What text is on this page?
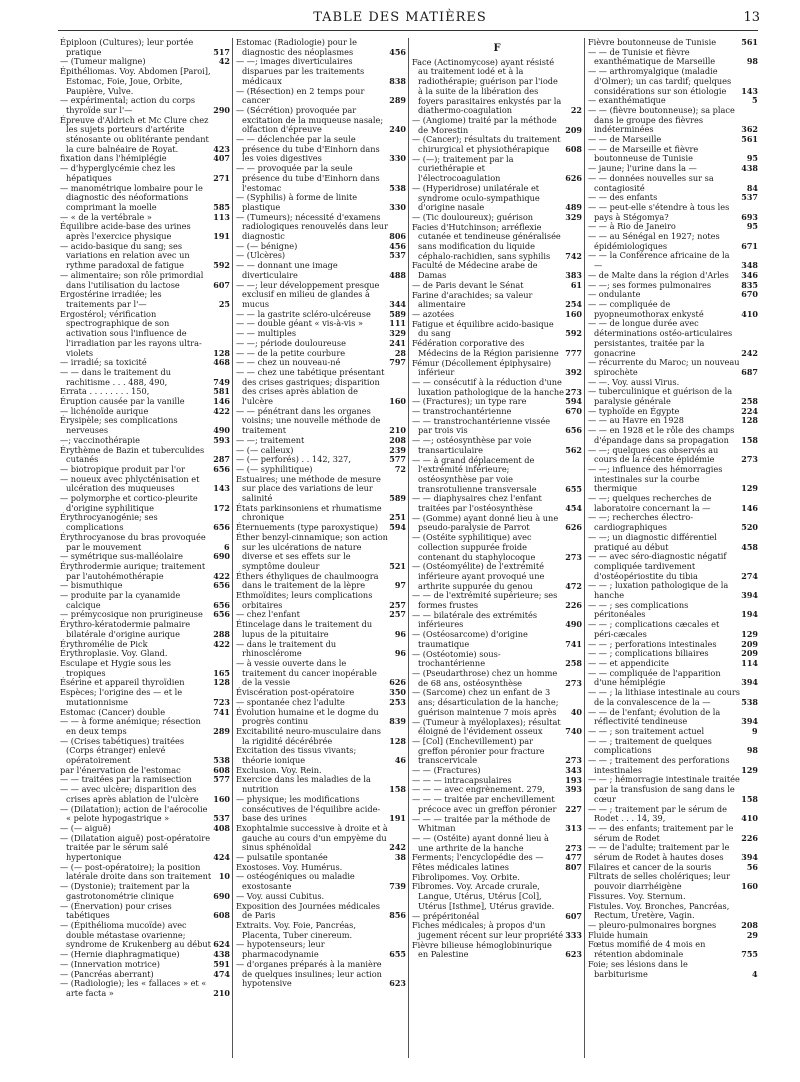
TABLE DES MATIÈRES	13
Épiploon (Cultures); leur portée pratique	517
— (Tumeur maligne)	42
Épithéliomas. Voy. Abdomen [Paroi], Estomac, Foie, Joue, Orbite, Paupière, Vulve.
— expérimental; action du corps thyroïde sur l'—	290
Épreuve d'Aldrich et Mc Clure chez les sujets porteurs d'artérite sténosante ou oblitérante pendant la cure balnéaire de Royat.	423
fixation dans l'hémiplégie	407
— d'hyperglycémie chez les hépatiques	271
— manométrique lombaire pour le diagnostic des néoformations comprimant la moelle	585
— « de la vertébrale »	113
Équilibre acide-base des urines après l'exercice physique	191
— acido-basique du sang; ses variations en relation avec un rythme paradoxal de fatigue	592
— alimentaire; son rôle primordial dans l'utilisation du lactose	607
Ergostérine irradiée; les traitements par l'—	25
Ergostérol; vérification spectrographique de son activation sous l'influence de l'irradiation par les rayons ultra-violets	128
— irradié; sa toxicité	468
— — dans le traitement du rachitisme . . . 488, 490,	749
Errata . . . . . . . . 150,	581
Éruption causée par la vanille	146
— lichénoïde aurique	422
Érysipèle; ses complications nerveuses	490
—; vaccinothérapie	593
Érythème de Bazin et tuberculides cutanés	287
— biotropique produit par l'or	656
— noueux avec phlycténisation et ulcération des muqueuses	143
— polymorphe et cortico-pleurite d'origine syphilitique	172
Érythrocyanogénie; ses complications	656
Érythrocyanose du bras provoquée par le mouvement	6
— symétrique sus-malléolaire	690
Érythrodermie aurique; traitement par l'autohémothérapie	422
— bismuthique	656
— produite par la cyanamide calcique	656
— prémycosique non prurigineuse 656
Érythro-kératodermie palmaire bilatérale d'origine aurique	288
Érythromélie de Pick	422
Érythroplasie. Voy. Gland.
Esculape et Hygie sous les tropiques	165
Ésérine et appareil thyroïdien	128
Espèces; l'origine des — et le mutationnisme	723
Estomac (Cancer) double	741
— — à forme anémique; résection en deux temps	289
— (Crises tabétiques) traitées (Corps étranger) enlevé opératoirement	538
par l'énervation de l'estomac	608
— — traitées par la ramisection	577
— — avec ulcère; disparition des crises après ablation de l'ulcère 160
— (Dilatation); action de l'aérocolie « pelote hypogastrique »	537
— (— aiguë)	408
— (Dilatation aiguë) post-opératoire traitée par le sérum salé hypertonique	424
— (— post-opératoire); la position latérale droite dans son traitement 10
— (Dystonie); traitement par la gastrotonométrie clinique	690
— (Énervation) pour crises tabétiques	608
— (Épithélioma mucoïde) avec double métastase ovarienne; syndrome de Krukenberg au début 624
— (Hernie diaphragmatique)	438
— (Innervation motrice)	591
— (Pancréas aberrant)	474
— (Radiologie); les « fallaces » et « arte facta »	210
Estomac (Radiologie) pour le diagnostic des néoplasmes	456
— —; images diverticulaires disparues par les traitements médicaux	838
— (Résection) en 2 temps pour cancer	289
— (Sécrétion) provoquée par excitation de la muqueuse nasale; olfaction d'épreuve	240
— — déclenchée par la seule présence du tube d'Einhorn dans les voies digestives	330
— — provoquée par la seule présence du tube d'Einhorn dans l'estomac	538
— (Syphilis) à forme de linite plastique	330
— (Tumeurs); nécessité d'examens radiologiques renouvelés dans leur diagnostic	806
— (— bénigne)	456
— (Ulcères)	537
— — donnant une image diverticulaire	488
— —; leur développement presque exclusif en milieu de glandes à mucus	344
— — la gastrite scléro-ulcéreuse 589
— — double géant « vis-à-vis »	111
— — multiples	329
— —; période douloureuse	241
— — de la petite courbure	28
— — chez un nouveau-né	797
— — chez une tabétique présentant des crises gastriques; disparition des crises après ablation de l'ulcère	160
— — pénétrant dans les organes voisins; une nouvelle méthode de traitement	210
— —; traitement	208
— (— calleux)	239
— (— perforés) . . 142, 327,	577
— (— syphilitique)	72
Estuaires; une méthode de mesure sur place des variations de leur salinité	589
États parkinsoniens et rhumatisme chronique	251
Éternuements (type paroxystique) 594
Éther benzyl-cinnamique; son action sur les ulcérations de nature diverse et ses effets sur le symptôme douleur	521
Éthers éthyliques de chaulmoogra dans le traitement de la lèpre	97
Ethmoïdites; leurs complications orbitaires	257
— chez l'enfant	257
Étincelage dans le traitement du lupus de la pituitaire	96
— dans le traitement du rhinosclérome	96
— à vessie ouverte dans le traitement du cancer inopérable de la vessie	626
Éviscération post-opératoire	350
— spontanée chez l'adulte	253
Évolution humaine et le dogme du progrès continu	839
Excitabilité neuro-musculaire dans la rigidité décérébrée	128
Excitation des tissus vivants; théorie ionique	46
Exclusion. Voy. Rein.
Exercice dans les maladies de la nutrition	158
— physique; les modifications consécutives de l'équilibre acide-base des urines	191
Exophtalmie successive à droite et à gauche au cours d'un empyème du sinus sphénoïdal	242
— pulsatile spontanée	38
Exostoses. Voy. Humérus.
— ostéogéniques ou maladie exostosante	739
— Voy. aussi Cubitus.
Exposition des Journées médicales de Paris	856
Extraits. Voy. Foie, Pancréas, Placenta, Tuber cinereum.
— hypotenseurs; leur pharmacodynamie	655
— d'organes préparés à la manière de quelques insulines; leur action hypotensive	623
F
Face (Actinomycose) ayant résisté au traitement iodé et à la radiothérapie; guérison par l'iode à la suite de la libération des foyers parasitaires enkystés par la diathermo-coagulation	22
— (Angiome) traité par la méthode de Morestin	209
— (Cancer); résultats du traitement chirurgical et physiothérapique 608
— (—); traitement par la curiethérapie et l'électrocoagulation	626
— (Hyperidrose) unilatérale et syndrome oculo-sympathique d'origine nasale	489
— (Tic douloureux); guérison	329
Facies d'Hutchinson; arréflexie cutanée et tendineuse généralisée sans modification du liquide céphalo-rachidien, sans syphilis 742
Faculté de Médecine arabe de Damas	383
— de Paris devant le Sénat	61
Farine d'arachides; sa valeur alimentaire	254
— azotées	160
Fatigue et équilibre acido-basique du sang	592
Fédération corporative des Médecins de la Région parisienne 777
Fémur (Décollement épiphysaire) inférieur	392
— — consécutif à la réduction d'une luxation pathologique de la hanche 273
— (Fractures); un type rare	594
— transtrochantérienne	670
— — transtrochantérienne vissée par trois vis	656
— —; ostéosynthèse par voie transarticulaire	562
— — à grand déplacement de l'extrémité inférieure; ostéosynthèse par voie transrotulienne transversale	655
— — diaphysaires chez l'enfant traitées par l'ostéosynthèse	454
— (Gomme) ayant donné lieu à une pseudo-paralysie de Parrot	626
— (Ostéite syphilitique) avec collection suppurée froide contenant du staphylocoque	273
— (Ostéomyélite) de l'extrémité inférieure ayant provoqué une arthrite suppurée du genou	472
— — de l'extrémité supérieure; ses formes frustes	226
— — bilatérale des extrémités inférieures	490
— (Ostéosarcome) d'origine traumatique	741
— (Ostéotomie) sous-trochantérienne	258
— (Pseudarthrose) chez un homme de 68 ans, ostéosynthèse	273
— (Sarcome) chez un enfant de 3 ans; désarticulation de la hanche; guérison maintenue 7 mois après 40
— (Tumeur à myéloplaxes); résultat éloigné de l'évidement osseux	740
— [Col] (Enchevillement) par greffon péronier pour fracture transcervicale	273
— — (Fractures)	343
— — — intracapsulaires	193
— — — avec engrènement. 279,	393
— — — traitée par enchevillement précoce avec un greffon péronier 227
— — — traitée par la méthode de Whitman	313
— — (Ostéite) ayant donné lieu à une arthrite de la hanche	273
Ferments; l'encyclopédie des —	477
Fêtes médicales latines	807
Fibrolipomes. Voy. Orbite.
Fibromes. Voy. Arcade crurale, Langue, Utérus, Utérus [Col], Utérus [Isthme], Utérus gravide.
— prépéritonéal	607
Fiches médicales; à propos d'un jugement récent sur leur propriété 333
Fièvre bilieuse hémoglobinurique en Palestine	623
Fièvre boutonneuse de Tunisie	561
— — de Tunisie et fièvre exanthématique de Marseille	98
— — arthromyalgique (maladie d'Olmer); un cas tardif; quelques considérations sur son étiologie 143
— exanthématique	5
— — (fièvre boutonneuse); sa place dans le groupe des fièvres indéterminées	362
— — de Marseille	561
— — de Marseille et fièvre boutonneuse de Tunisie	95
— jaune; l'urine dans la —	438
— — données nouvelles sur sa contagiosité	84
— — des enfants	537
— — peut-elle s'étendre à tous les pays à Stégomya?	693
— — à Rio de Janeiro	95
— — au Sénégal en 1927; notes épidémiologiques	671
— — la Conférence africaine de la —	348
— de Malte dans la région d'Arles 346
— —; ses formes pulmonaires	835
— ondulante	670
— — compliquée de pyopneumothorax enkysté	410
— — de longue durée avec déterminations ostéo-articulaires persistantes, traitée par la gonacrine	242
— récurrente du Maroc; un nouveau spirochète	687
— —. Voy. aussi Virus.
— tuberculinique et guérison de la paralysie générale	258
— typhoïde en Égypte	224
— — au Havre en 1928	128
— — en 1928 et le rôle des champs d'épandage dans sa propagation 158
— —; quelques cas observés au cours de la récente épidémie	273
— —; influence des hémorragies intestinales sur la courbe thermique	129
— —; quelques recherches de laboratoire concernant la —	146
— —; recherches électro-cardiographiques	520
— —; un diagnostic différentiel pratiqué au début	458
— — avec séro-diagnostic négatif compliquée tardivement d'ostéopériostite du tibia	274
— — ; luxation pathologique de la hanche	394
— — ; ses complications péritonéales	194
— — ; complications cæcales et péri-cæcales	129
— — ; perforations intestinales	209
— — ; complications biliaires	209
— — et appendicite	114
— — compliquée de l'apparition d'une hémiplégie	394
— — ; la lithiase intestinale au cours de la convalescence de la —	538
— — de l'enfant; évolution de la réflectivité tendineuse	394
— — ; son traitement actuel	9
— — ; traitement de quelques complications	98
— — ; traitement des perforations intestinales	129
— — ; hémorragie intestinale traitée par la transfusion de sang dans le cœur	158
— — ; traitement par le sérum de Rodet . . . 14, 39,	410
— — des enfants; traitement par le sérum de Rodet	226
— — de l'adulte; traitement par le sérum de Rodet à hautes doses 394
Filaires et cancer de la souris	56
Filtrats de selles cholériques; leur pouvoir diarrhéigène	160
Fissures. Voy. Sternum.
Fistules. Voy. Bronches, Pancréas, Rectum, Uretère, Vagin.
— pleuro-pulmonaires borgnes	208
Fluide humain	29
Fœtus momifié de 4 mois en rétention abdominale	755
Foie; ses lésions dans le barbiturisme	4
